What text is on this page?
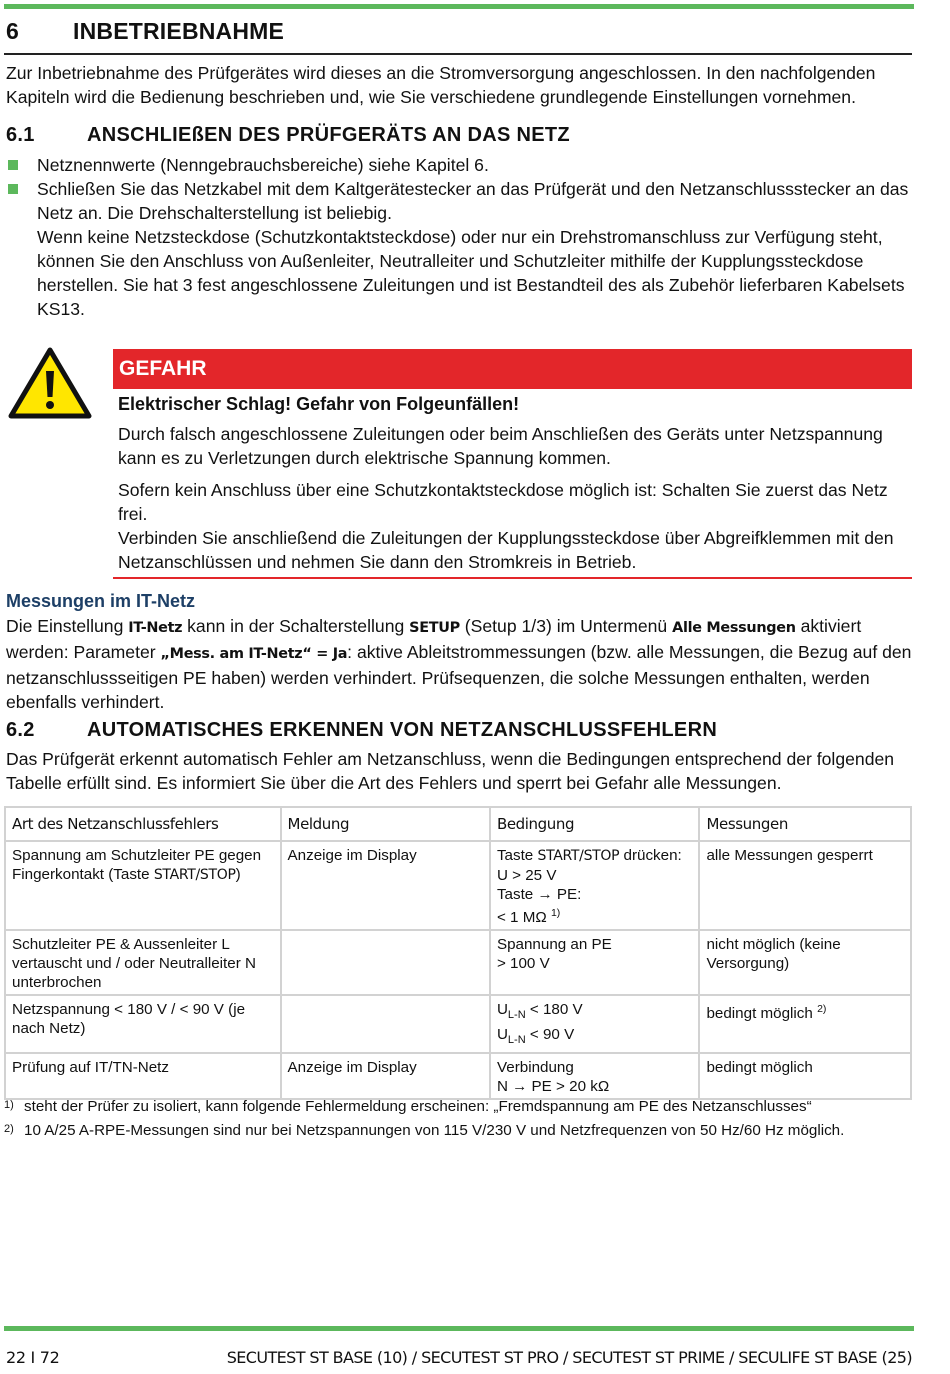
6 INBETRIEBNAHME

Zur Inbetriebnahme des Prüfgerätes wird dieses an die Stromversorgung angeschlossen. In den nachfolgenden Kapiteln wird die Bedienung beschrieben und, wie Sie verschiedene grundlegende Einstellungen vornehmen.

6.1	ANSCHLIEßEN DES PRÜFGERÄTS AN DAS NETZ
Netznennwerte (Nenngebrauchsbereiche) siehe Kapitel 6.
Schließen Sie das Netzkabel mit dem Kaltgerätestecker an das Prüfgerät und den Netzanschlussstecker an das Netz an. Die Drehschalterstellung ist beliebig.
Wenn keine Netzsteckdose (Schutzkontaktsteckdose) oder nur ein Drehstromanschluss zur Verfügung steht, können Sie den Anschluss von Außenleiter, Neutralleiter und Schutzleiter mithilfe der Kupplungssteckdose herstellen. Sie hat 3 fest angeschlossene Zuleitungen und ist Bestandteil des als Zubehör lieferbaren Kabelsets KS13.
GEFAHR
Elektrischer Schlag! Gefahr von Folgeunfällen!

Durch falsch angeschlossene Zuleitungen oder beim Anschließen des Geräts unter Netzspannung kann es zu Verletzungen durch elektrische Spannung kommen.

Sofern kein Anschluss über eine Schutzkontaktsteckdose möglich ist: Schalten Sie zuerst das Netz frei.

Verbinden Sie anschließend die Zuleitungen der Kupplungssteckdose über Abgreifklemmen mit den Netzanschlüssen und nehmen Sie dann den Stromkreis in Betrieb.

Messungen im IT-Netz

Die Einstellung IT-Netz kann in der Schalterstellung SETUP (Setup 1/3) im Untermenü Alle Messungen aktiviert werden: Parameter „Mess. am IT-Netz“ = Ja: aktive Ableitstrommessungen (bzw. alle Messungen, die Bezug auf den netzanschlussseitigen PE haben) werden verhindert. Prüfsequenzen, die solche Messungen enthalten, werden ebenfalls verhindert.

6.2	AUTOMATISCHES ERKENNEN VON NETZANSCHLUSSFEHLERN

Das Prüfgerät erkennt automatisch Fehler am Netzanschluss, wenn die Bedingungen entsprechend der folgenden Tabelle erfüllt sind. Es informiert Sie über die Art des Fehlers und sperrt bei Gefahr alle Messungen.

Art des Netzanschlussfehlers	Meldung	Bedingung	Messungen
Spannung am Schutzleiter PE gegen Fingerkontakt (Taste START/STOP)	Anzeige im Display	Taste START/STOP drücken:
U > 25 V
Taste → PE:
< 1 MΩ $^{1)}$	alle Messungen gesperrt
Schutzleiter PE & Aussenleiter L vertauscht und / oder Neutralleiter N unterbrochen		Spannung an PE
> 100 V	nicht möglich (keine Versorgung)
Netzspannung < 180 V / < 90 V (je nach Netz)		$U_{L-N} < 180$ V
$U_{L-N} < 90$ V	bedingt möglich $^{2)}$
Prüfung auf IT/TN-Netz	Anzeige im Display	Verbindung
N → PE > 20 kΩ	bedingt möglich
1) steht der Prüfer zu isoliert, kann folgende Fehlermeldung erscheinen: „Fremdspannung am PE des Netzanschlusses“
2) 10 A/25 A-RPE-Messungen sind nur bei Netzspannungen von 115 V/230 V und Netzfrequenzen von 50 Hz/60 Hz möglich.
22 I 72	SECUTEST ST BASE (10) / SECUTEST ST PRO / SECUTEST ST PRIME / SECULIFE ST BASE (25)
